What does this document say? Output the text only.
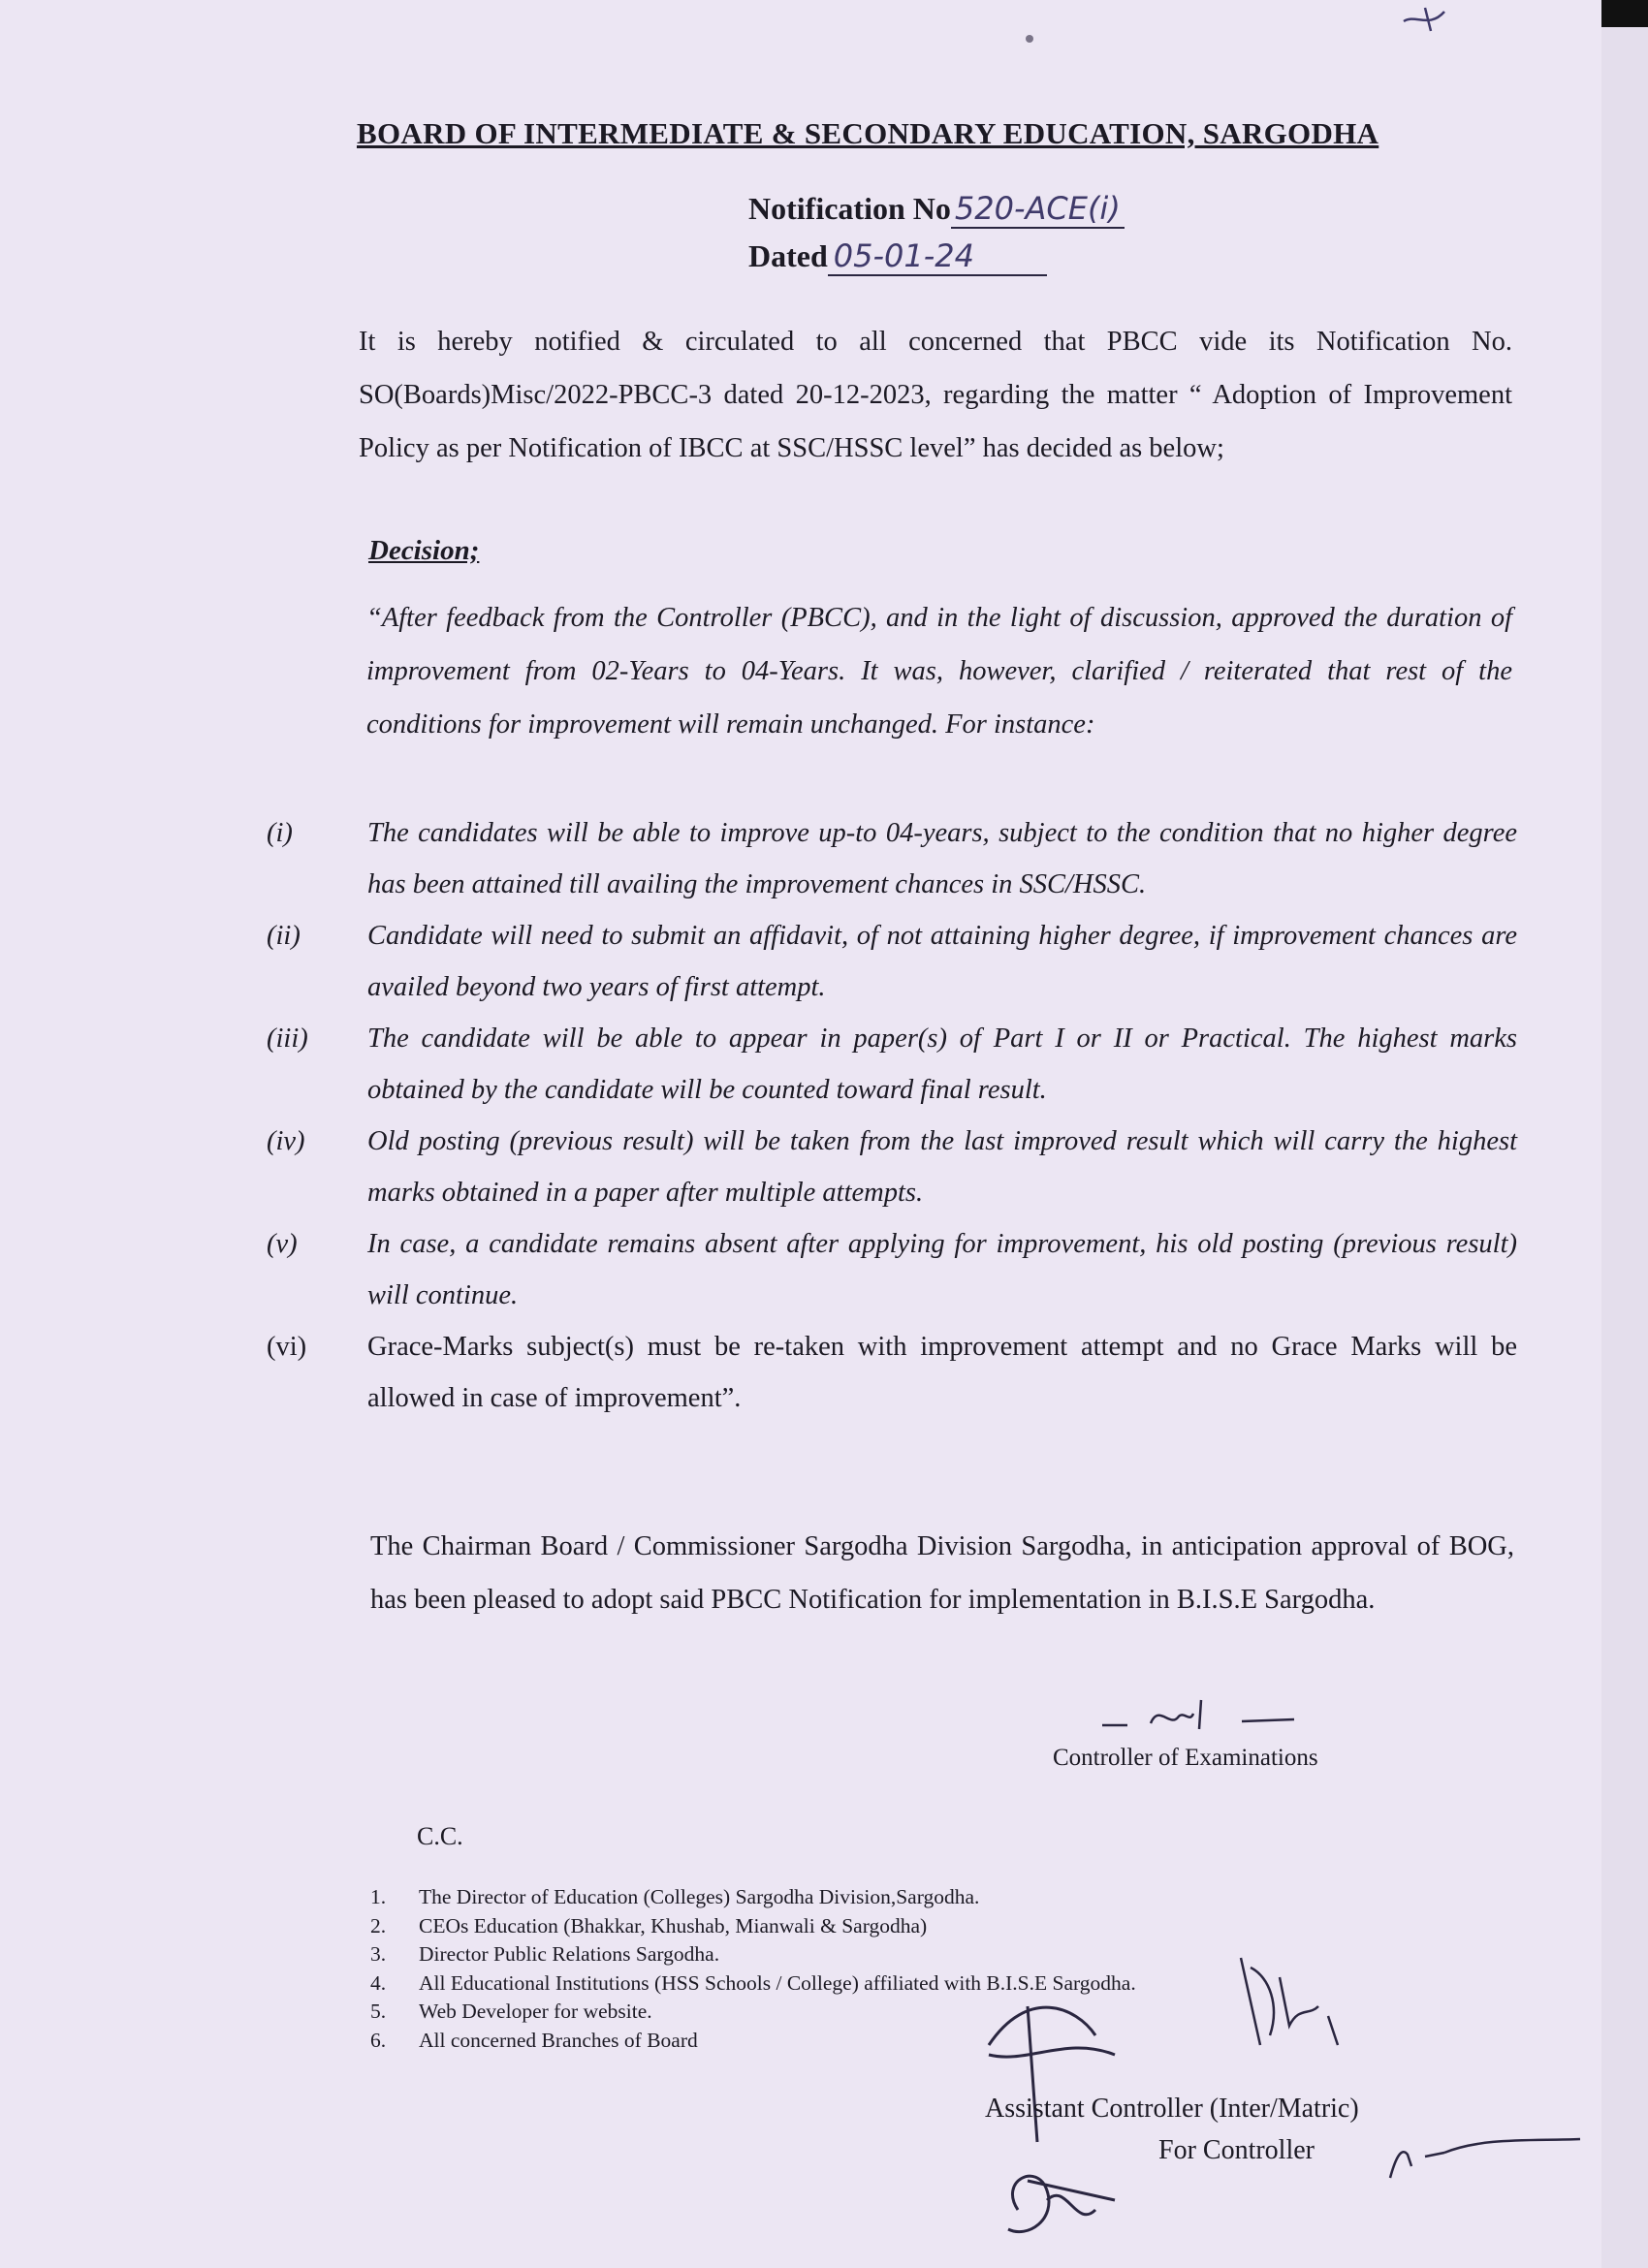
BOARD OF INTERMEDIATE & SECONDARY EDUCATION, SARGODHA
Notification No 520-ACE(i)
Dated 05-01-24
It is hereby notified & circulated to all concerned that PBCC vide its Notification No. SO(Boards)Misc/2022-PBCC-3 dated 20-12-2023, regarding the matter “ Adoption of Improvement Policy as per Notification of IBCC at SSC/HSSC level” has decided as below;
Decision;
“After feedback from the Controller (PBCC), and in the light of discussion, approved the duration of improvement from 02-Years to 04-Years. It was, however, clarified / reiterated that rest of the conditions for improvement will remain unchanged. For instance:
(i)	The candidates will be able to improve up-to 04-years, subject to the condition that no higher degree has been attained till availing the improvement chances in SSC/HSSC.
(ii)	Candidate will need to submit an affidavit, of not attaining higher degree, if improvement chances are availed beyond two years of first attempt.
(iii)	The candidate will be able to appear in paper(s) of Part I or II or Practical. The highest marks obtained by the candidate will be counted toward final result.
(iv)	Old posting (previous result) will be taken from the last improved result which will carry the highest marks obtained in a paper after multiple attempts.
(v)	In case, a candidate remains absent after applying for improvement, his old posting (previous result) will continue.
(vi)	Grace-Marks subject(s) must be re-taken with improvement attempt and no Grace Marks will be allowed in case of improvement”.
The Chairman Board / Commissioner Sargodha Division Sargodha, in anticipation approval of BOG, has been pleased to adopt said PBCC Notification for implementation in B.I.S.E Sargodha.
Controller of Examinations
C.C.
1.	The Director of Education (Colleges) Sargodha Division,Sargodha.
2.	CEOs Education (Bhakkar, Khushab, Mianwali & Sargodha)
3.	Director Public Relations Sargodha.
4.	All Educational Institutions (HSS Schools / College) affiliated with B.I.S.E Sargodha.
5.	Web Developer for website.
6.	All concerned Branches of Board
Assistant Controller (Inter/Matric)
For Controller
